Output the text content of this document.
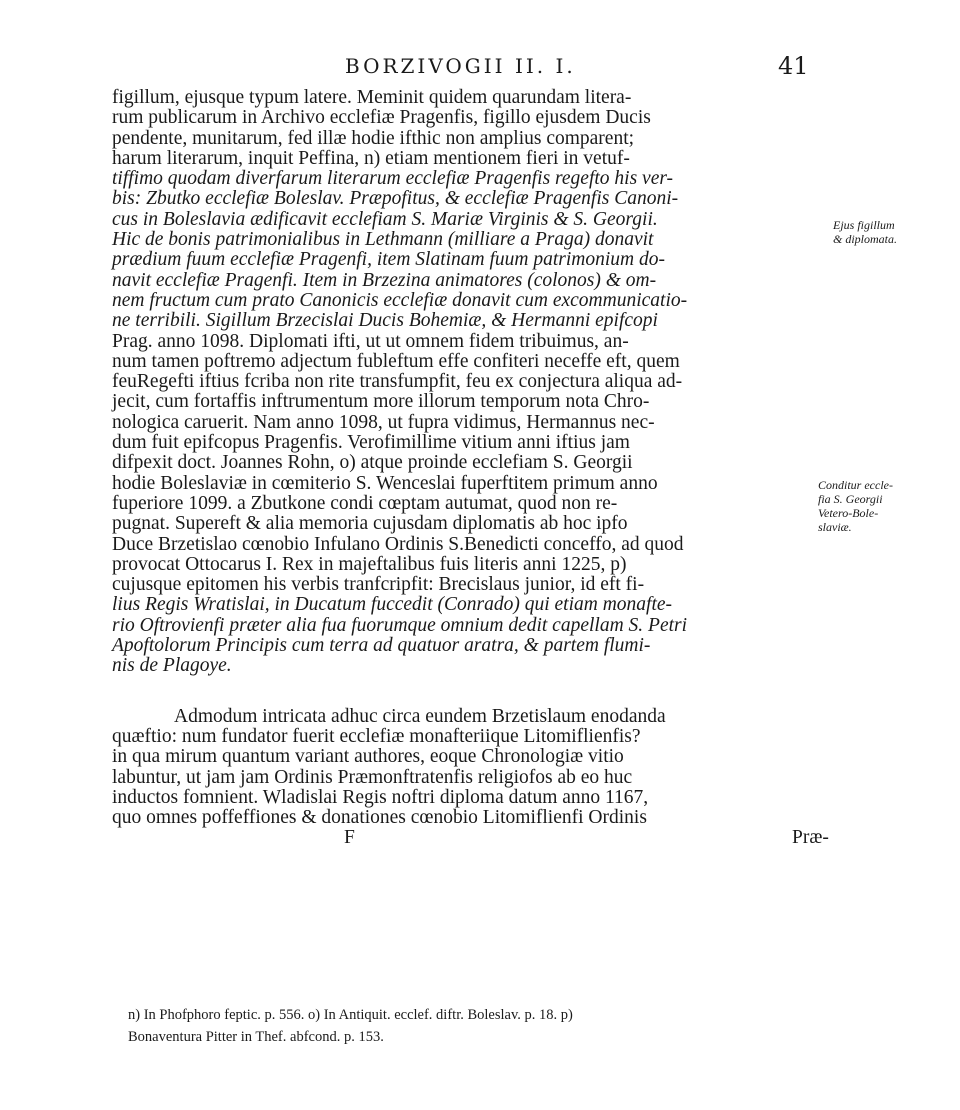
BORZIVOGII II. I.	41
figillum, ejusque typum latere. Meminit quidem quarundam litera-
rum publicarum in Archivo ecclefiæ Pragenfis, figillo ejusdem Ducis
pendente, munitarum, fed illæ hodie ifthic non amplius comparent;
harum literarum, inquit Peffina, n) etiam mentionem fieri in vetuf-
tiffimo quodam diverfarum literarum ecclefiæ Pragenfis regefto his ver-
bis: Zbutko ecclefiæ Boleslav. Præpofitus, & ecclefiæ Pragenfis Canoni-
cus in Boleslavia ædificavit ecclefiam S. Mariæ Virginis & S. Georgii.
Hic de bonis patrimonialibus in Lethmann (milliare a Praga) donavit
prædium fuum ecclefiæ Pragenfi, item Slatinam fuum patrimonium do-
navit ecclefiæ Pragenfi. Item in Brzezina animatores (colonos) & om-
nem fructum cum prato Canonicis ecclefiæ donavit cum excommunicatio-
ne terribili. Sigillum Brzecislai Ducis Bohemiæ, & Hermanni epifcopi
Prag. anno 1098. Diplomati ifti, ut ut omnem fidem tribuimus, an-
num tamen poftremo adjectum fubleftum effe confiteri neceffe eft, quem
feuRegefti iftius fcriba non rite transfumpfit, feu ex conjectura aliqua ad-
jecit, cum fortaffis inftrumentum more illorum temporum nota Chro-
nologica caruerit. Nam anno 1098, ut fupra vidimus, Hermannus nec-
dum fuit epifcopus Pragenfis. Verofimillime vitium anni iftius jam
difpexit doct. Joannes Rohn, o) atque proinde ecclefiam S. Georgii
hodie Boleslaviæ in cœmiterio S. Wenceslai fuperftitem primum anno
fuperiore 1099. a Zbutkone condi cœptam autumat, quod non re-
pugnat. Supereft & alia memoria cujusdam diplomatis ab hoc ipfo
Duce Brzetislao cœnobio Infulano Ordinis S.Benedicti conceffo, ad quod
provocat Ottocarus I. Rex in majeftalibus fuis literis anni 1225, p)
cujusque epitomen his verbis tranfcripfit: Brecislaus junior, id eft fi-
lius Regis Wratislai, in Ducatum fuccedit (Conrado) qui etiam monafte-
rio Oftrovienfi præter alia fua fuorumque omnium dedit capellam S. Petri
Apoftolorum Principis cum terra ad quatuor aratra, & partem flumi-
nis de Plagoye.
Admodum intricata adhuc circa eundem Brzetislaum enodanda
quæftio: num fundator fuerit ecclefiæ monafteriique Litomiflienfis?
in qua mirum quantum variant authores, eoque Chronologiæ vitio
labuntur, ut jam jam Ordinis Præmonftratenfis religiofos ab eo huc
inductos fomnient. Wladislai Regis noftri diploma datum anno 1167,
quo omnes poffeffiones & donationes cœnobio Litomiflienfi Ordinis
F	Præ-
Ejus figillum
& diplomata.
Conditur eccle-
fia S. Georgii
Vetero-Bole-
slaviæ.
n) In Phofphoro feptic. p. 556. o) In Antiquit. ecclef. diftr. Boleslav. p. 18. p)
Bonaventura Pitter in Thef. abfcond. p. 153.
